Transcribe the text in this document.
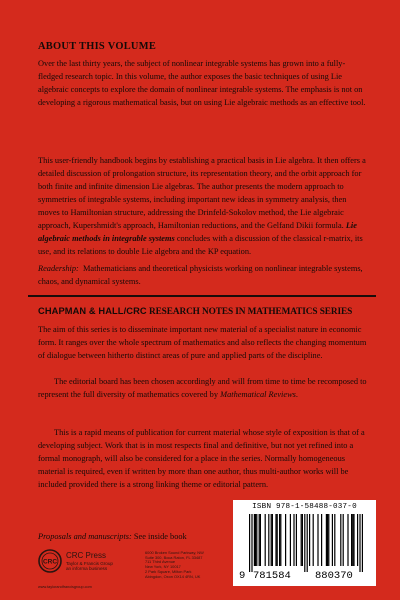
ABOUT THIS VOLUME
Over the last thirty years, the subject of nonlinear integrable systems has grown into a fully-fledged research topic. In this volume, the author exposes the basic techniques of using Lie algebraic concepts to explore the domain of nonlinear integrable systems. The emphasis is not on developing a rigorous mathematical basis, but on using Lie algebraic methods as an effective tool.
This user-friendly handbook begins by establishing a practical basis in Lie algebra. It then offers a detailed discussion of prolongation structure, its representation theory, and the orbit approach for both finite and infinite dimension Lie algebras. The author presents the modern approach to symmetries of integrable systems, including important new ideas in symmetry analysis, then moves to Hamiltonian structure, addressing the Drinfeld-Sokolov method, the Lie algebraic approach, Kupershmidt's approach, Hamiltonian reductions, and the Gelfand Dikii formula. Lie algebraic methods in integrable systems concludes with a discussion of the classical r-matrix, its use, and its relations to double Lie algebra and the KP equation.
Readership: Mathematicians and theoretical physicists working on nonlinear integrable systems, chaos, and dynamical systems.
CHAPMAN & HALL/CRC RESEARCH NOTES IN MATHEMATICS SERIES
The aim of this series is to disseminate important new material of a specialist nature in economic form. It ranges over the whole spectrum of mathematics and also reflects the changing momentum of dialogue between hitherto distinct areas of pure and applied parts of the discipline.
The editorial board has been chosen accordingly and will from time to time be recomposed to represent the full diversity of mathematics covered by Mathematical Reviews.
This is a rapid means of publication for current material whose style of exposition is that of a developing subject. Work that is in most respects final and definitive, but not yet refined into a formal monograph, will also be considered for a place in the series. Normally homogeneous material is required, even if written by more than one author, thus multi-author works will be included provided there is a strong linking theme or editorial pattern.
Proposals and manuscripts: See inside book
CRC
CRC Press
Taylor & Francis Group
an informa business
6000 Broken Sound Parkway, NW
Suite 300, Boca Raton, FL 33487
711 Third Avenue
New York, NY 10017
2 Park Square, Milton Park
Abingdon, Oxon OX14 4RN, UK
www.taylorandfrancisgroup.com
ISBN 978-1-58488-037-0
9 781584 880370
